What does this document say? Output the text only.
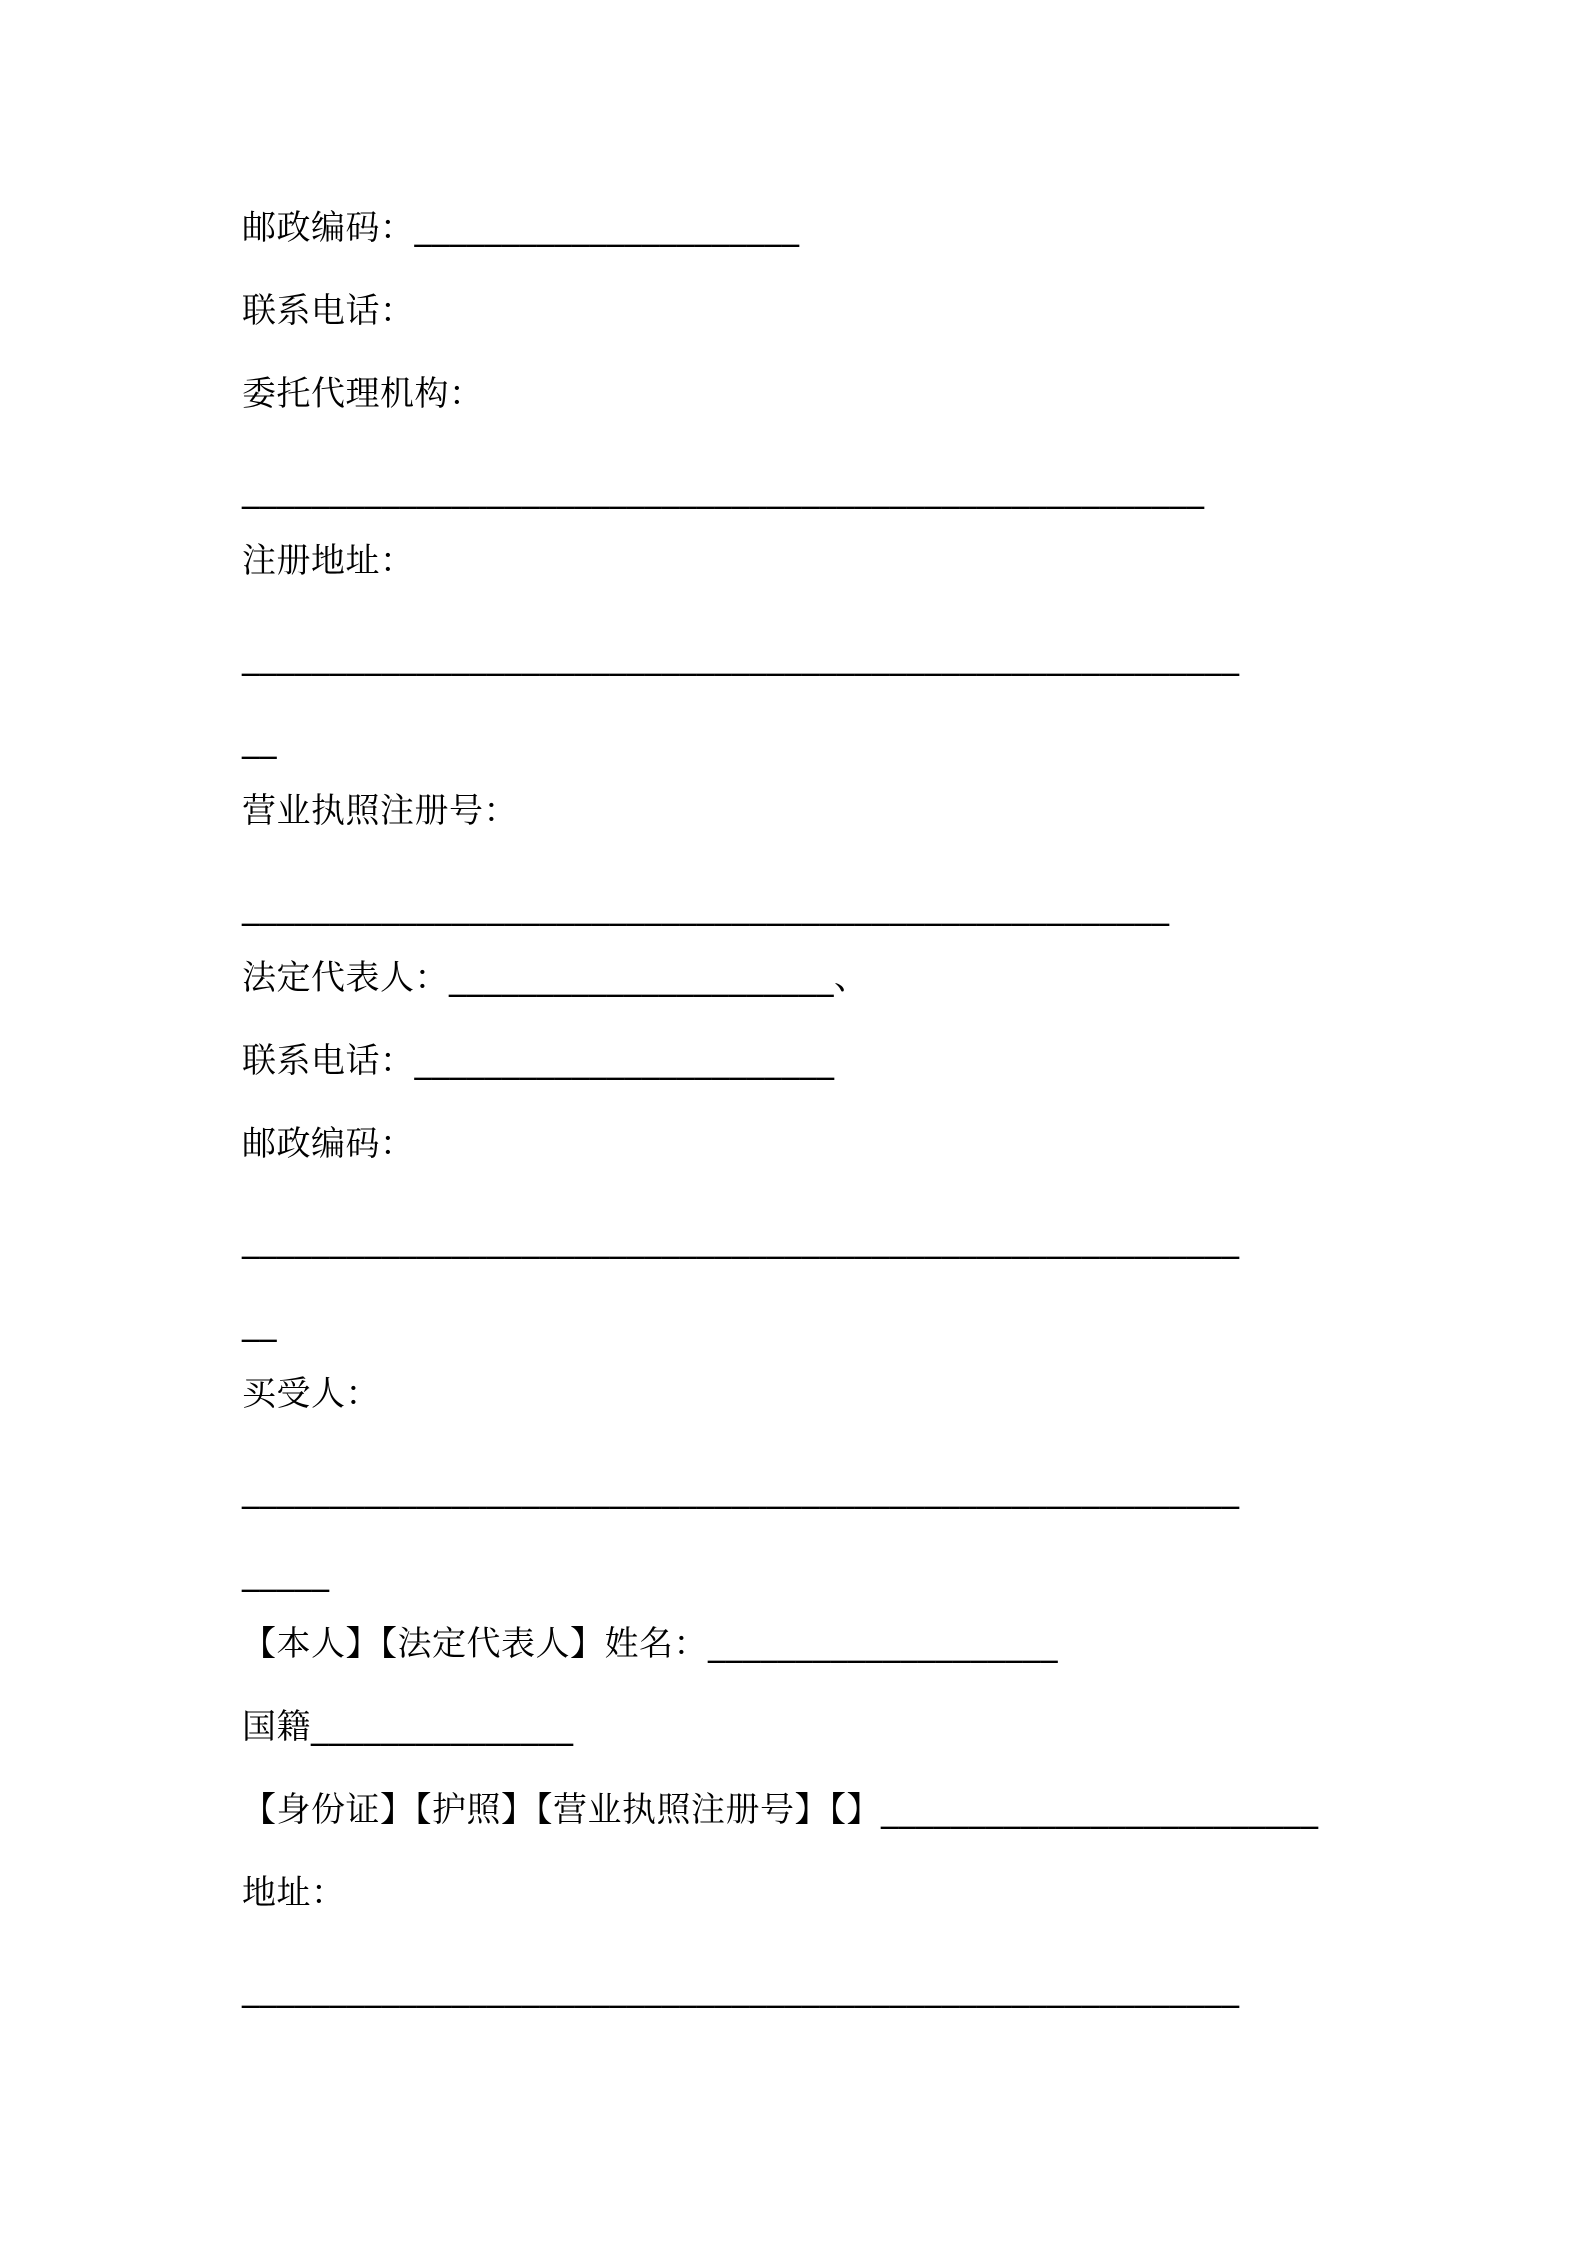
邮政编码：______________________
联系电话：
委托代理机构：
_______________________________________________________
注册地址：
_________________________________________________________
__
营业执照注册号：
_____________________________________________________
法定代表人：______________________、
联系电话：________________________
邮政编码：
_________________________________________________________
__
买受人：
_________________________________________________________
_____
【本人】【法定代表人】姓名：____________________
国籍_______________
【身份证】【护照】【营业执照注册号】【】_________________________
地址：
_________________________________________________________
